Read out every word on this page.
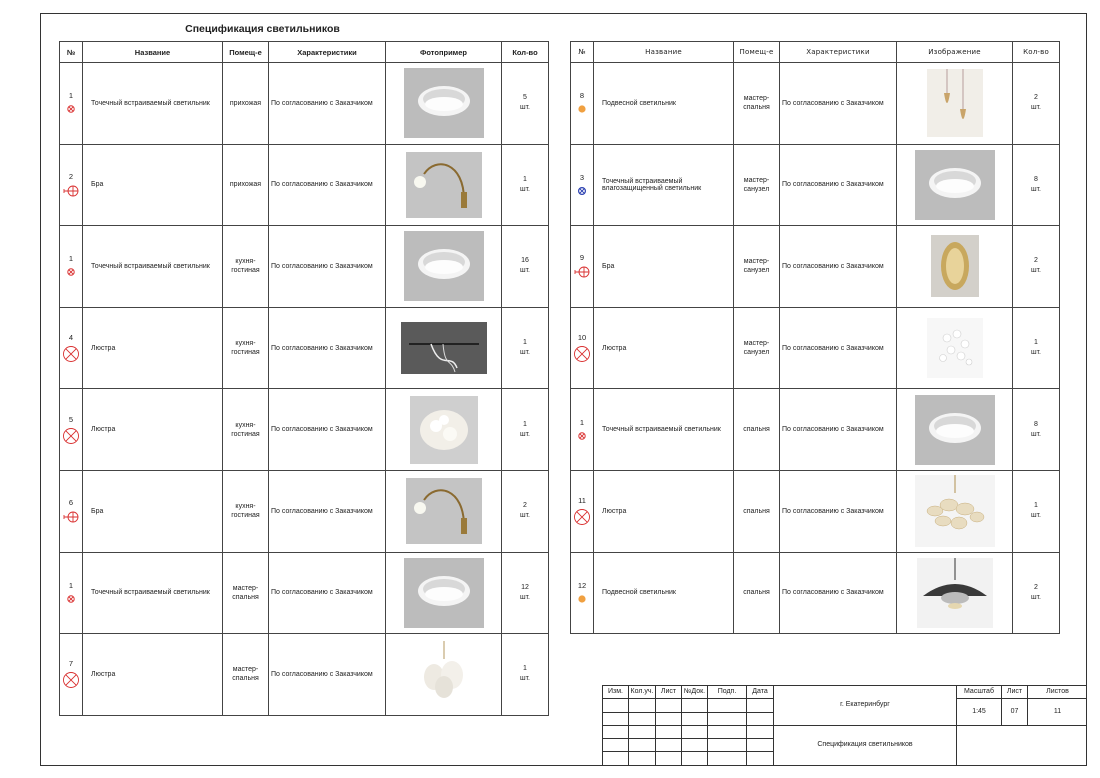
Спецификация светильников
№	Название	Помещ-е	Характеристики	Фотопример	Кол-во

1	Точечный встраиваемый светильник	прихожая	По согласованию с Заказчиком		5
шт.

2	Бра	прихожая	По согласованию с Заказчиком		1
шт.

1	Точечный встраиваемый светильник	кухня-гостиная	По согласованию с Заказчиком		16
шт.

4	Люстра	кухня-гостиная	По согласованию с Заказчиком		1
шт.

5	Люстра	кухня-гостиная	По согласованию с Заказчиком		1
шт.

6	Бра	кухня-гостиная	По согласованию с Заказчиком		2
шт.

1	Точечный встраиваемый светильник	мастер-спальня	По согласованию с Заказчиком		12
шт.

7	Люстра	мастер-спальня	По согласованию с Заказчиком		1
шт.
№	Название	Помещ-е	Характеристики	Изображение	Кол-во

8	Подвесной светильник	мастер-спальня	По согласованию с Заказчиком		2
шт.

3	Точечный встраиваемый влагозащищенный светильник	мастер-санузел	По согласованию с Заказчиком		8
шт.

9	Бра	мастер-санузел	По согласованию с Заказчиком		2
шт.

10	Люстра	мастер-санузел	По согласованию с Заказчиком		1
шт.

1	Точечный встраиваемый светильник	спальня	По согласованию с Заказчиком		8
шт.

11	Люстра	спальня	По согласованию с Заказчиком		1
шт.

12	Подвесной светильник	спальня	По согласованию с Заказчиком		2
шт.
Изм.	Кол.уч.	Лист	№Док.	Подп.	Дата
г. Екатеринбург
Спецификация светильников
Масштаб	Лист	Листов
1:45	07	11
